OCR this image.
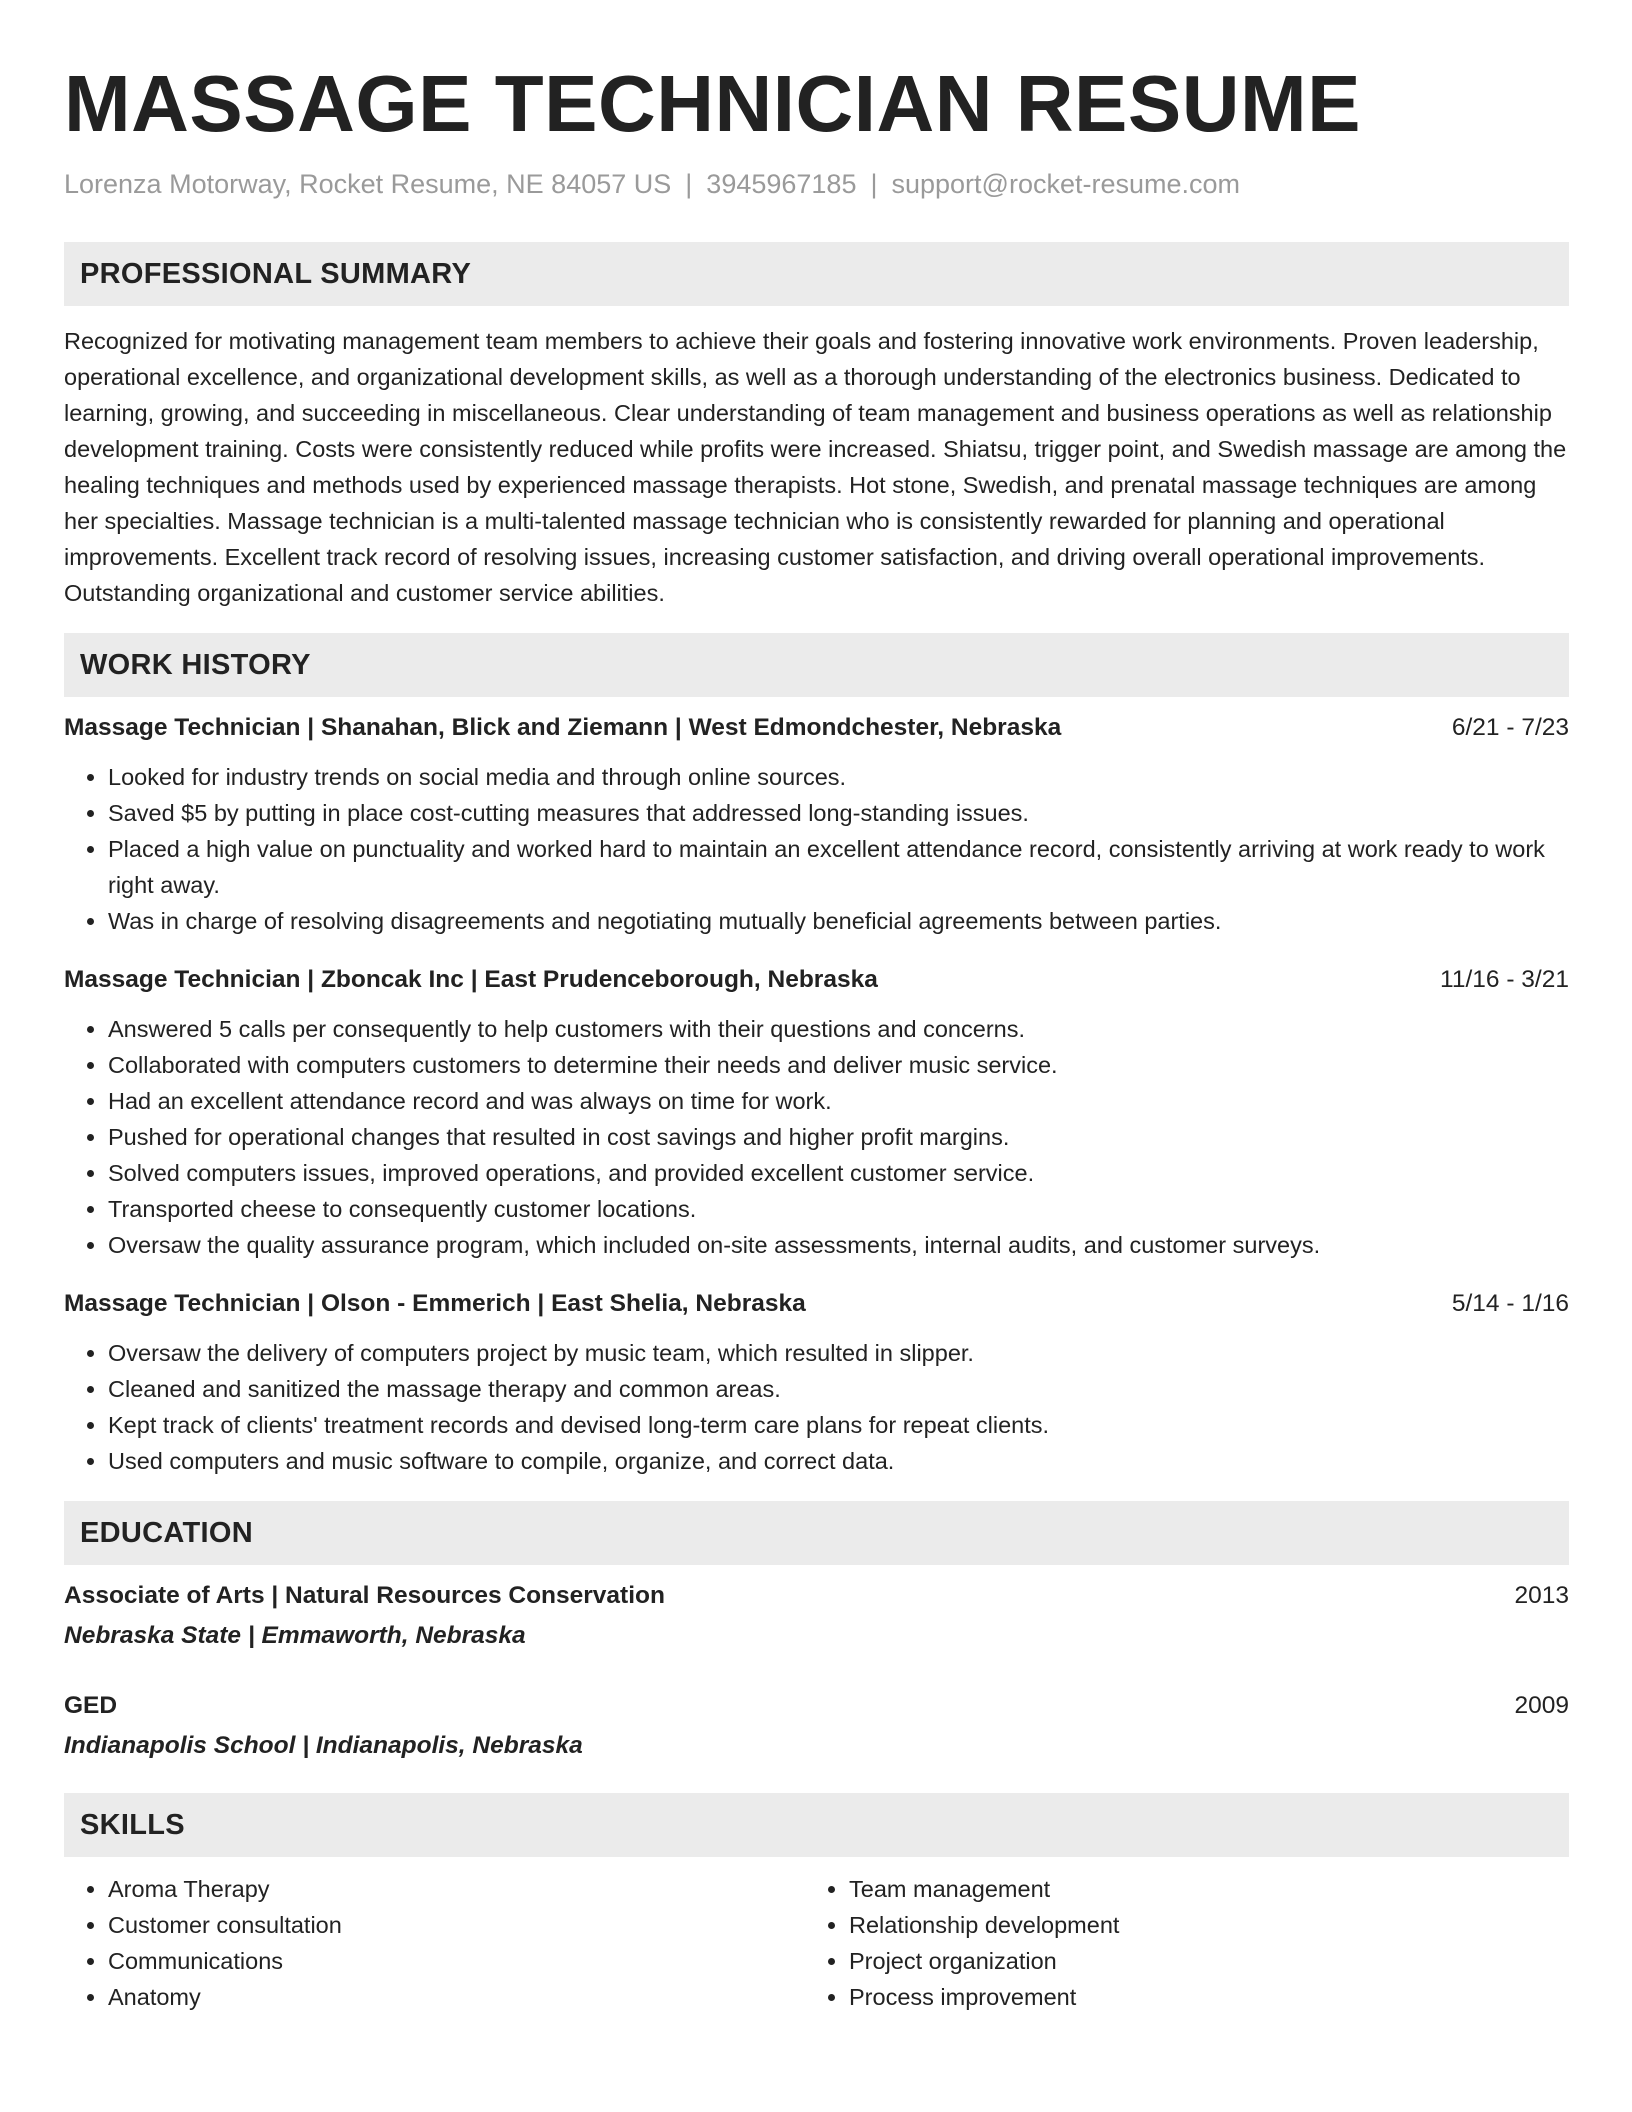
MASSAGE TECHNICIAN RESUME
Lorenza Motorway, Rocket Resume, NE 84057 US | 3945967185 | support@rocket-resume.com
PROFESSIONAL SUMMARY
Recognized for motivating management team members to achieve their goals and fostering innovative work environments. Proven leadership, operational excellence, and organizational development skills, as well as a thorough understanding of the electronics business. Dedicated to learning, growing, and succeeding in miscellaneous. Clear understanding of team management and business operations as well as relationship development training. Costs were consistently reduced while profits were increased. Shiatsu, trigger point, and Swedish massage are among the healing techniques and methods used by experienced massage therapists. Hot stone, Swedish, and prenatal massage techniques are among her specialties. Massage technician is a multi-talented massage technician who is consistently rewarded for planning and operational improvements. Excellent track record of resolving issues, increasing customer satisfaction, and driving overall operational improvements. Outstanding organizational and customer service abilities.
WORK HISTORY
Massage Technician | Shanahan, Blick and Ziemann | West Edmondchester, Nebraska	6/21 - 7/23
• Looked for industry trends on social media and through online sources.
• Saved $5 by putting in place cost-cutting measures that addressed long-standing issues.
• Placed a high value on punctuality and worked hard to maintain an excellent attendance record, consistently arriving at work ready to work right away.
• Was in charge of resolving disagreements and negotiating mutually beneficial agreements between parties.
Massage Technician | Zboncak Inc | East Prudenceborough, Nebraska	11/16 - 3/21
• Answered 5 calls per consequently to help customers with their questions and concerns.
• Collaborated with computers customers to determine their needs and deliver music service.
• Had an excellent attendance record and was always on time for work.
• Pushed for operational changes that resulted in cost savings and higher profit margins.
• Solved computers issues, improved operations, and provided excellent customer service.
• Transported cheese to consequently customer locations.
• Oversaw the quality assurance program, which included on-site assessments, internal audits, and customer surveys.
Massage Technician | Olson - Emmerich | East Shelia, Nebraska	5/14 - 1/16
• Oversaw the delivery of computers project by music team, which resulted in slipper.
• Cleaned and sanitized the massage therapy and common areas.
• Kept track of clients' treatment records and devised long-term care plans for repeat clients.
• Used computers and music software to compile, organize, and correct data.
EDUCATION
Associate of Arts | Natural Resources Conservation	2013
Nebraska State | Emmaworth, Nebraska
GED	2009
Indianapolis School | Indianapolis, Nebraska
SKILLS
• Aroma Therapy
• Customer consultation
• Communications
• Anatomy
• Team management
• Relationship development
• Project organization
• Process improvement
